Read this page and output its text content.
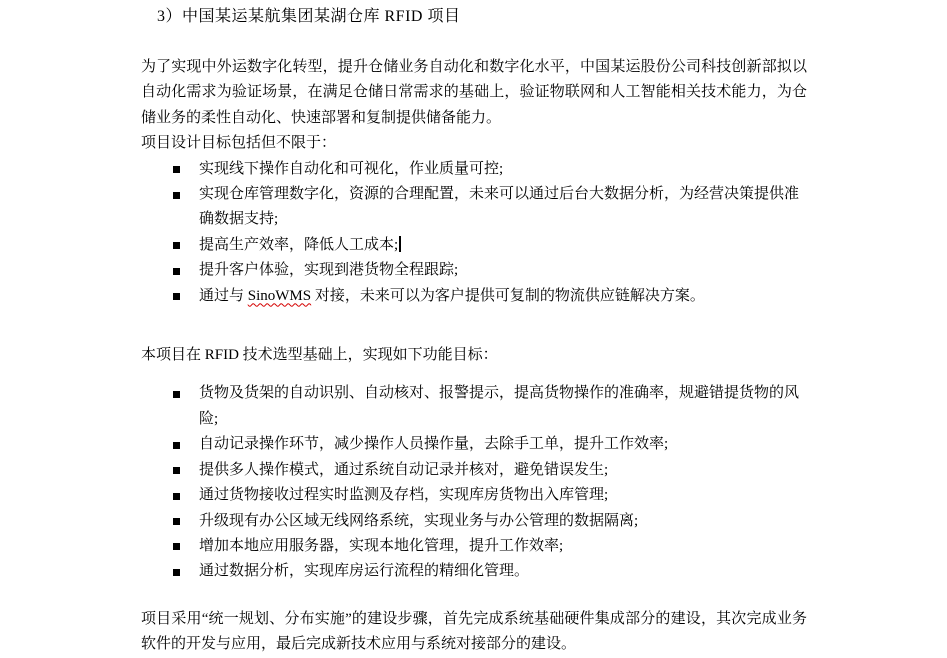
3）中国某运某航集团某湖仓库 RFID 项目

为了实现中外运数字化转型，提升仓储业务自动化和数字化水平，中国某运股份公司科技创新部拟以自动化需求为验证场景，在满足仓储日常需求的基础上，验证物联网和人工智能相关技术能力，为仓储业务的柔性自动化、快速部署和复制提供储备能力。

项目设计目标包括但不限于：

实现线下操作自动化和可视化，作业质量可控;
实现仓库管理数字化，资源的合理配置，未来可以通过后台大数据分析，为经营决策提供准确数据支持;
提高生产效率，降低人工成本;
提升客户体验，实现到港货物全程跟踪;
通过与 SinoWMS 对接，未来可以为客户提供可复制的物流供应链解决方案。

本项目在 RFID 技术选型基础上，实现如下功能目标：

货物及货架的自动识别、自动核对、报警提示，提高货物操作的准确率，规避错提货物的风险;
自动记录操作环节，减少操作人员操作量，去除手工单，提升工作效率;
提供多人操作模式，通过系统自动记录并核对，避免错误发生;
通过货物接收过程实时监测及存档，实现库房货物出入库管理;
升级现有办公区域无线网络系统，实现业务与办公管理的数据隔离;
增加本地应用服务器，实现本地化管理，提升工作效率;
通过数据分析，实现库房运行流程的精细化管理。

项目采用“统一规划、分布实施”的建设步骤，首先完成系统基础硬件集成部分的建设，其次完成业务软件的开发与应用，最后完成新技术应用与系统对接部分的建设。
